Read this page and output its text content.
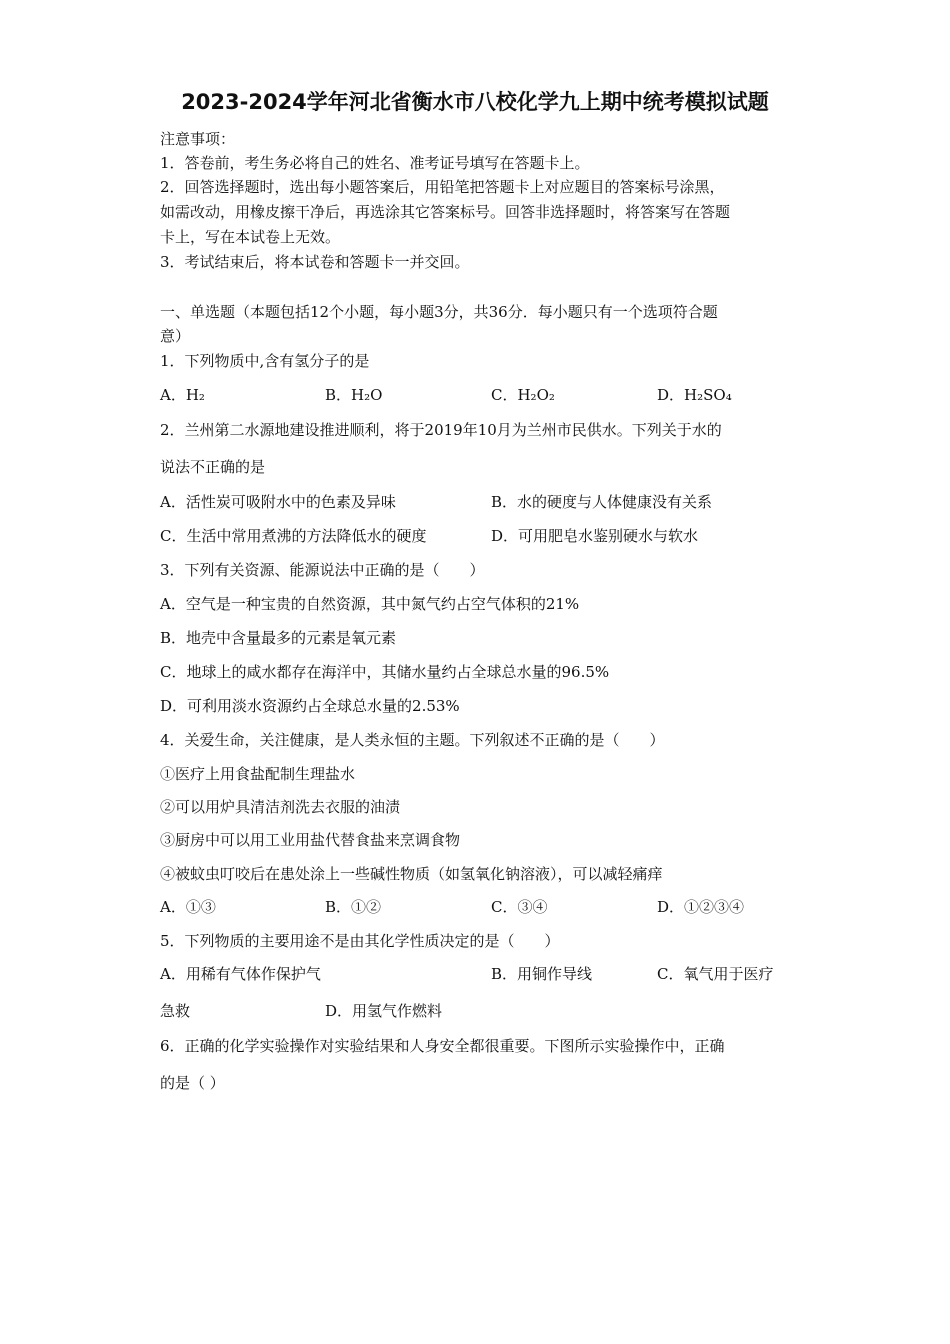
2023-2024学年河北省衡水市八校化学九上期中统考模拟试题
注意事项：
1．答卷前，考生务必将自己的姓名、准考证号填写在答题卡上。
2．回答选择题时，选出每小题答案后，用铅笔把答题卡上对应题目的答案标号涂黑，
如需改动，用橡皮擦干净后，再选涂其它答案标号。回答非选择题时，将答案写在答题
卡上，写在本试卷上无效。
3．考试结束后，将本试卷和答题卡一并交回。
一、单选题（本题包括12个小题，每小题3分，共36分．每小题只有一个选项符合题
意）
1．下列物质中,含有氢分子的是
A．H₂	B．H₂O	C．H₂O₂	D．H₂SO₄
2．兰州第二水源地建设推进顺利，将于2019年10月为兰州市民供水。下列关于水的
说法不正确的是
A．活性炭可吸附水中的色素及异味	B．水的硬度与人体健康没有关系
C．生活中常用煮沸的方法降低水的硬度	D．可用肥皂水鉴别硬水与软水
3．下列有关资源、能源说法中正确的是（　　）
A．空气是一种宝贵的自然资源，其中氮气约占空气体积的21%
B．地壳中含量最多的元素是氧元素
C．地球上的咸水都存在海洋中，其储水量约占全球总水量的96.5%
D．可利用淡水资源约占全球总水量的2.53%
4．关爱生命，关注健康，是人类永恒的主题。下列叙述不正确的是（　　）
①医疗上用食盐配制生理盐水
②可以用炉具清洁剂洗去衣服的油渍
③厨房中可以用工业用盐代替食盐来烹调食物
④被蚊虫叮咬后在患处涂上一些碱性物质（如氢氧化钠溶液），可以减轻痛痒
A．①③	B．①②	C．③④	D．①②③④
5．下列物质的主要用途不是由其化学性质决定的是（　　）
A．用稀有气体作保护气	B．用铜作导线	C．氧气用于医疗
急救	D．用氢气作燃料
6．正确的化学实验操作对实验结果和人身安全都很重要。下图所示实验操作中，正确
的是（ ）
